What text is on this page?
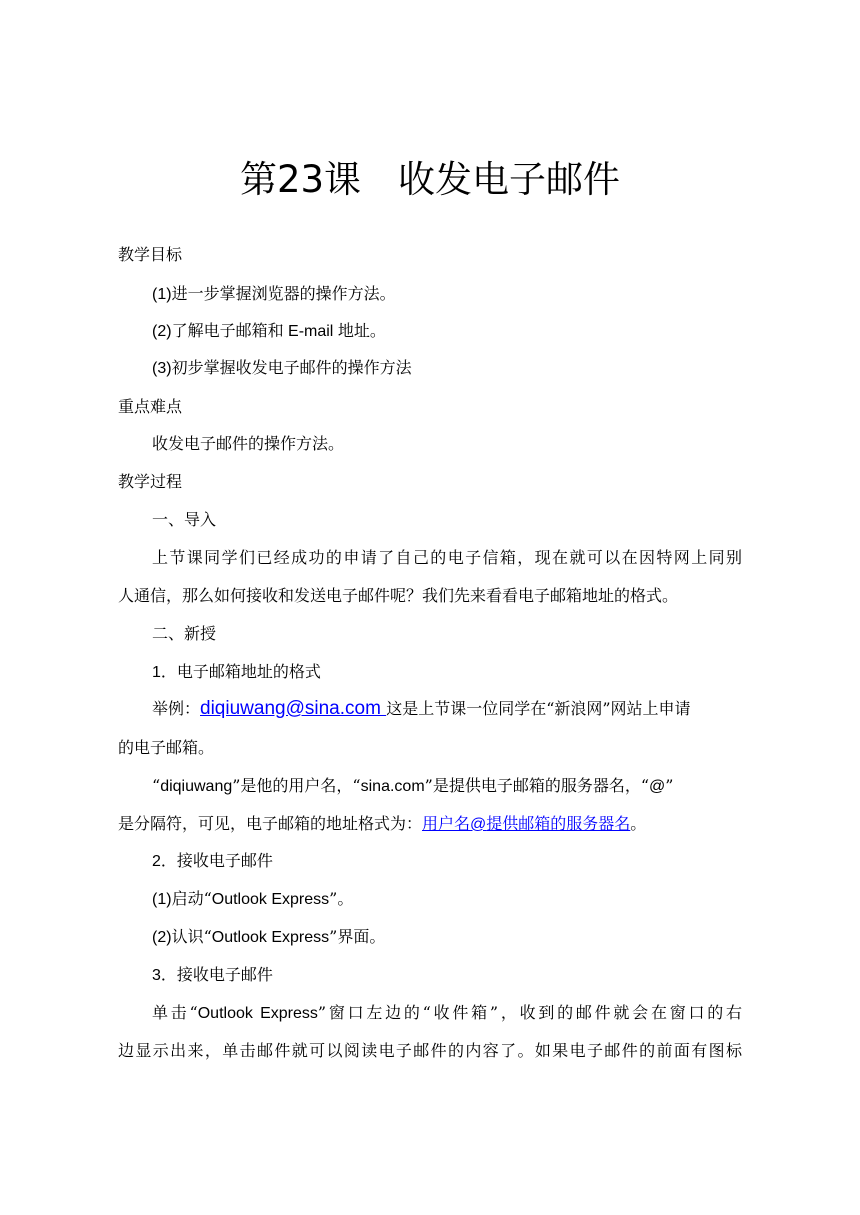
第23课　收发电子邮件
教学目标
(1)进一步掌握浏览器的操作方法。
(2)了解电子邮箱和 E-mail 地址。
(3)初步掌握收发电子邮件的操作方法
重点难点
收发电子邮件的操作方法。
教学过程
一、导入
上节课同学们已经成功的申请了自己的电子信箱，现在就可以在因特网上同别
人通信，那么如何接收和发送电子邮件呢？我们先来看看电子邮箱地址的格式。
二、新授
1．电子邮箱地址的格式
举例：diqiuwang@sina.com 这是上节课一位同学在“新浪网”网站上申请
的电子邮箱。
“diqiuwang”是他的用户名，“sina.com”是提供电子邮箱的服务器名，“@”
是分隔符，可见，电子邮箱的地址格式为：用户名@提供邮箱的服务器名。
2．接收电子邮件
(1)启动“Outlook Express”。
(2)认识“Outlook Express”界面。
3．接收电子邮件
单击“Outlook Express”窗口左边的“收件箱”，收到的邮件就会在窗口的右
边显示出来，单击邮件就可以阅读电子邮件的内容了。如果电子邮件的前面有图标
